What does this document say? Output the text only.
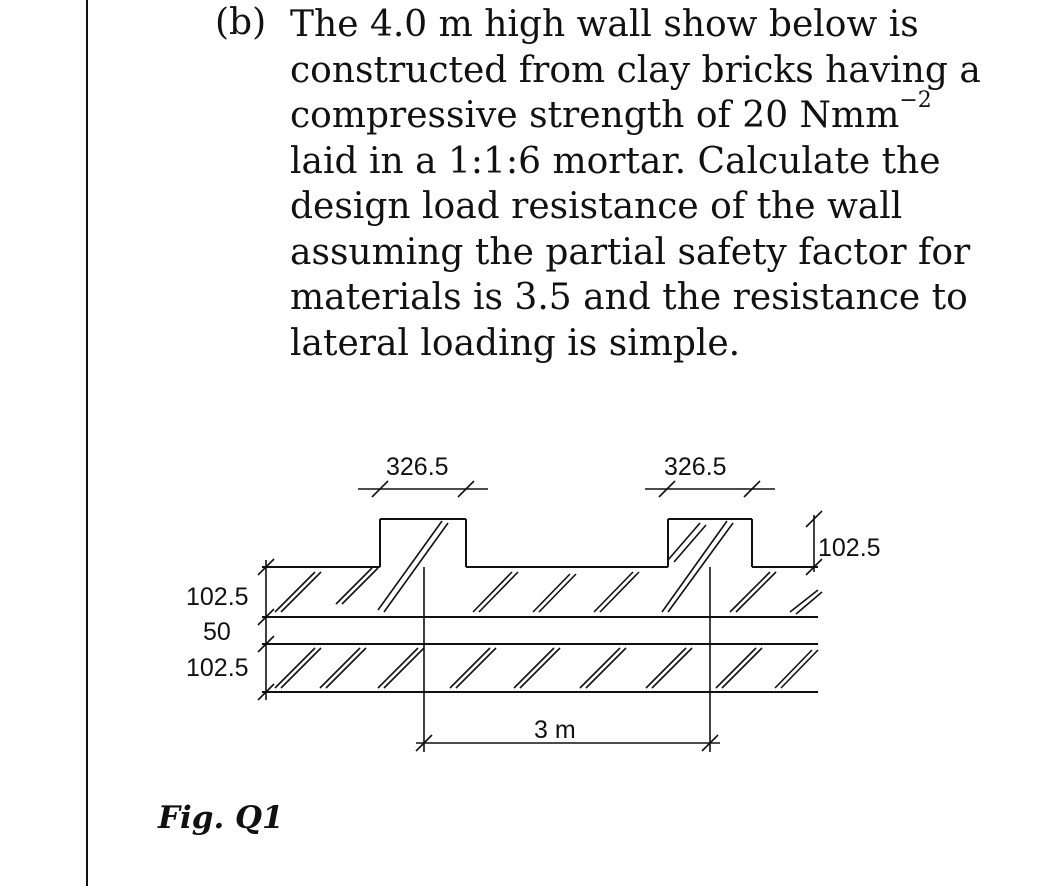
(b) The 4.0 m high wall show below is
constructed from clay bricks having a
compressive strength of 20 Nmm$^{-2}$
laid in a 1:1:6 mortar. Calculate the
design load resistance of the wall
assuming the partial safety factor for
materials is 3.5 and the resistance to
lateral loading is simple.
326.5	326.5
102.5
102.5
50
102.5
3 m
Fig. Q1
